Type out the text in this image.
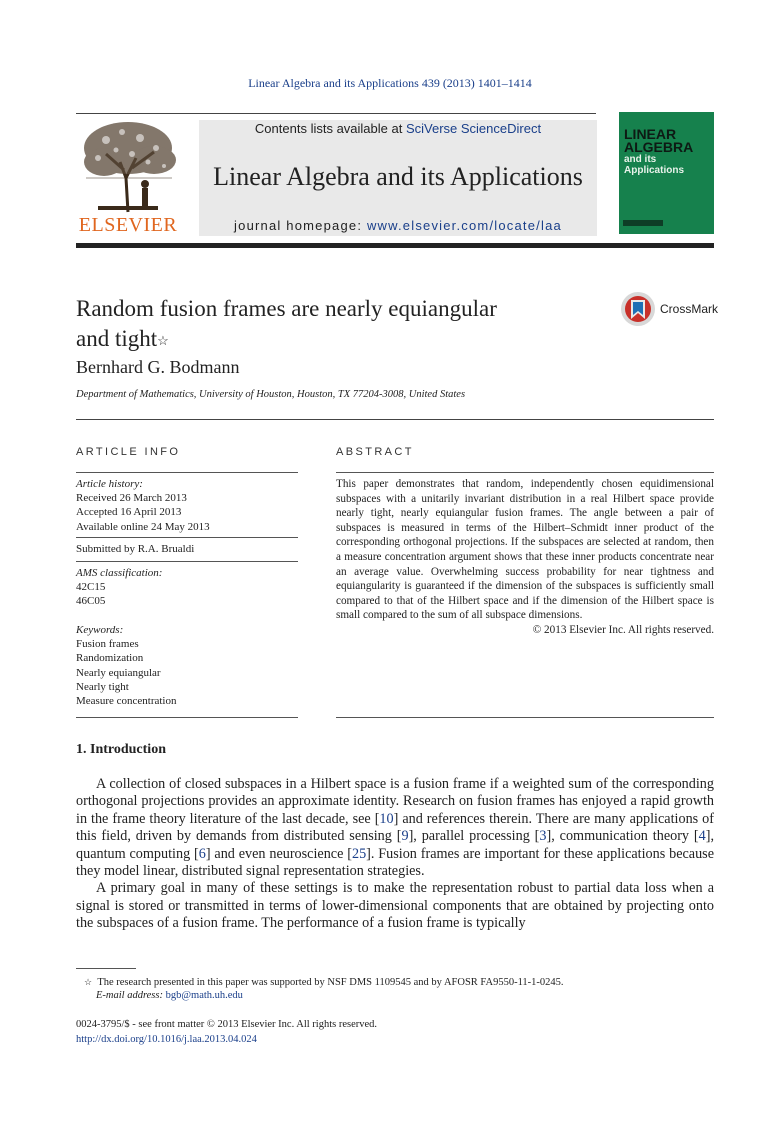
Linear Algebra and its Applications 439 (2013) 1401–1414
ELSEVIER
Contents lists available at SciVerse ScienceDirect
Linear Algebra and its Applications
journal homepage: www.elsevier.com/locate/laa
LINEAR
ALGEBRA
and its
Applications
Random fusion frames are nearly equiangular
and tight☆
CrossMark
Bernhard G. Bodmann
Department of Mathematics, University of Houston, Houston, TX 77204-3008, United States
ARTICLE INFO
Article history:
Received 26 March 2013
Accepted 16 April 2013
Available online 24 May 2013
Submitted by R.A. Brualdi
AMS classification:
42C15
46C05
Keywords:
Fusion frames
Randomization
Nearly equiangular
Nearly tight
Measure concentration
ABSTRACT
This paper demonstrates that random, independently chosen equidimensional subspaces with a unitarily invariant distribution in a real Hilbert space provide nearly tight, nearly equiangular fusion frames. The angle between a pair of subspaces is measured in terms of the Hilbert–Schmidt inner product of the corresponding orthogonal projections. If the subspaces are selected at random, then a measure concentration argument shows that these inner products concentrate near an average value. Overwhelming success probability for near tightness and equiangularity is guaranteed if the dimension of the subspaces is sufficiently small compared to that of the Hilbert space and if the dimension of the Hilbert space is small compared to the sum of all subspace dimensions.
© 2013 Elsevier Inc. All rights reserved.
1. Introduction

A collection of closed subspaces in a Hilbert space is a fusion frame if a weighted sum of the corresponding orthogonal projections provides an approximate identity. Research on fusion frames has enjoyed a rapid growth in the frame theory literature of the last decade, see [10] and references therein. There are many applications of this field, driven by demands from distributed sensing [9], parallel processing [3], communication theory [4], quantum computing [6] and even neuroscience [25]. Fusion frames are important for these applications because they model linear, distributed signal representation strategies.

A primary goal in many of these settings is to make the representation robust to partial data loss when a signal is stored or transmitted in terms of lower-dimensional components that are obtained by projecting onto the subspaces of a fusion frame. The performance of a fusion frame is typically

☆ The research presented in this paper was supported by NSF DMS 1109545 and by AFOSR FA9550-11-1-0245.
E-mail address: bgb@math.uh.edu
0024-3795/$ - see front matter © 2013 Elsevier Inc. All rights reserved.
http://dx.doi.org/10.1016/j.laa.2013.04.024
